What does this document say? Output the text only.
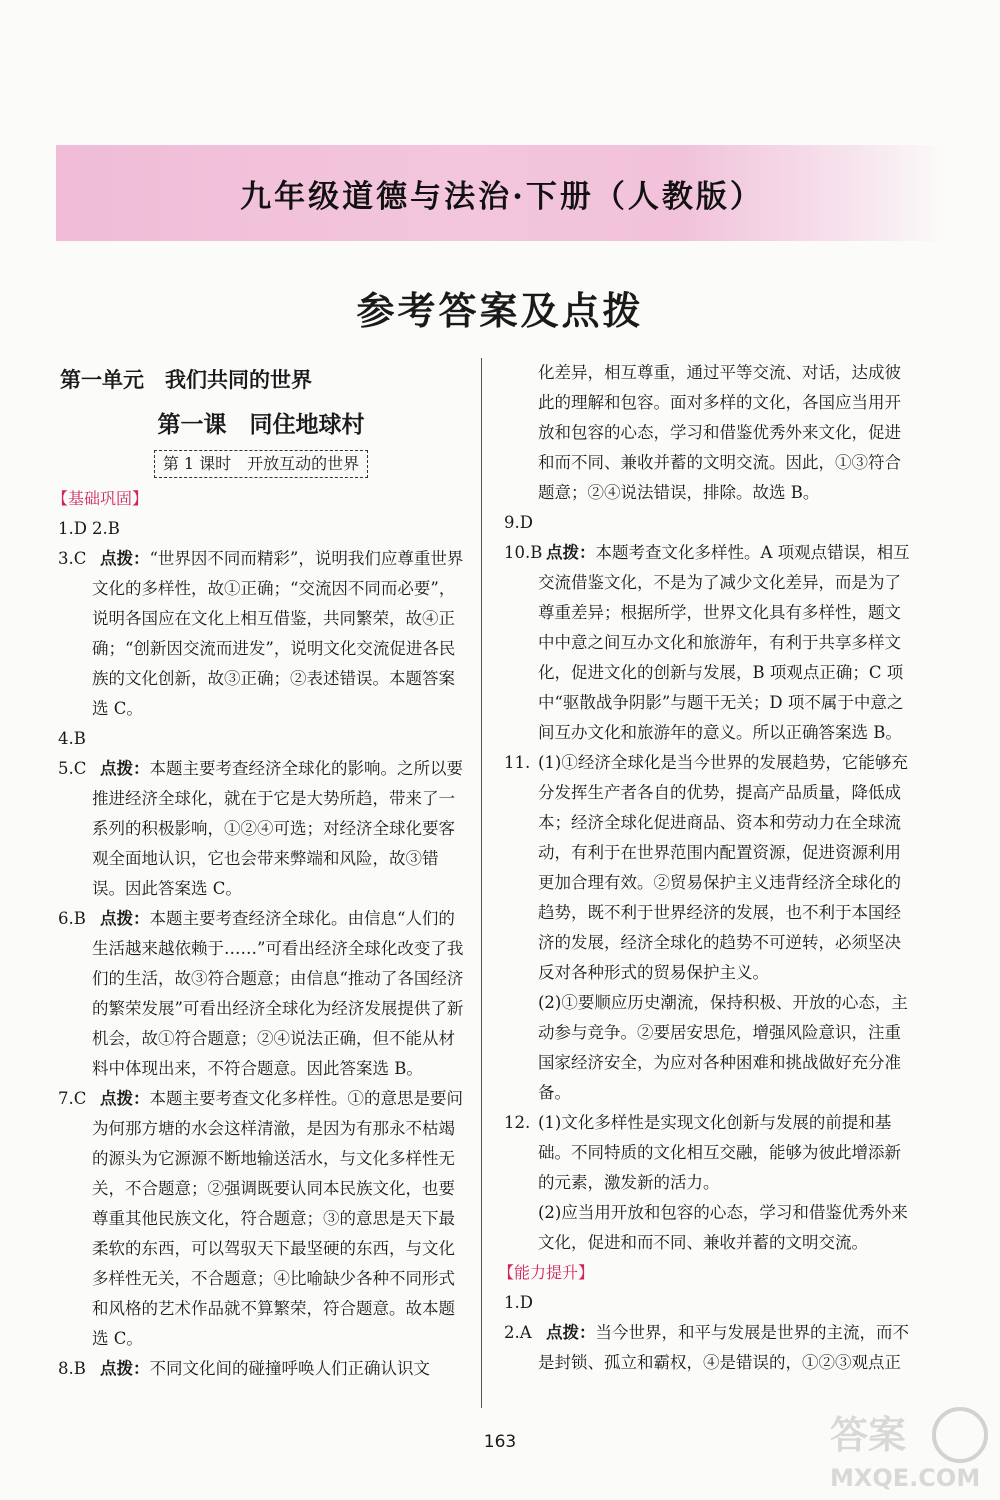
九年级道德与法治·下册（人教版）
参考答案及点拨
第一单元　我们共同的世界
第一课　同住地球村
第 1 课时　开放互动的世界
【基础巩固】
1.D 2.B
3.C 点拨：“世界因不同而精彩”，说明我们应尊重世界文化的多样性，故①正确；“交流因不同而必要”，说明各国应在文化上相互借鉴，共同繁荣，故④正确；“创新因交流而进发”，说明文化交流促进各民族的文化创新，故③正确；②表述错误。本题答案选 C。
4.B
5.C 点拨：本题主要考查经济全球化的影响。之所以要推进经济全球化，就在于它是大势所趋，带来了一系列的积极影响，①②④可选；对经济全球化要客观全面地认识，它也会带来弊端和风险，故③错误。因此答案选 C。
6.B 点拨：本题主要考查经济全球化。由信息“人们的生活越来越依赖于……”可看出经济全球化改变了我们的生活，故③符合题意；由信息“推动了各国经济的繁荣发展”可看出经济全球化为经济发展提供了新机会，故①符合题意；②④说法正确，但不能从材料中体现出来，不符合题意。因此答案选 B。
7.C 点拨：本题主要考查文化多样性。①的意思是要问为何那方塘的水会这样清澈，是因为有那永不枯竭的源头为它源源不断地输送活水，与文化多样性无关，不合题意；②强调既要认同本民族文化，也要尊重其他民族文化，符合题意；③的意思是天下最柔软的东西，可以驾驭天下最坚硬的东西，与文化多样性无关，不合题意；④比喻缺少各种不同形式和风格的艺术作品就不算繁荣，符合题意。故本题选 C。
8.B 点拨：不同文化间的碰撞呼唤人们正确认识文
化差异，相互尊重，通过平等交流、对话，达成彼此的理解和包容。面对多样的文化，各国应当用开放和包容的心态，学习和借鉴优秀外来文化，促进和而不同、兼收并蓄的文明交流。因此，①③符合题意；②④说法错误，排除。故选 B。
9.D
10.B 点拨：本题考查文化多样性。A 项观点错误，相互交流借鉴文化，不是为了减少文化差异，而是为了尊重差异；根据所学，世界文化具有多样性，题文中中意之间互办文化和旅游年，有利于共享多样文化，促进文化的创新与发展，B 项观点正确；C 项中“驱散战争阴影”与题干无关；D 项不属于中意之间互办文化和旅游年的意义。所以正确答案选 B。
11. (1)①经济全球化是当今世界的发展趋势，它能够充分发挥生产者各自的优势，提高产品质量，降低成本；经济全球化促进商品、资本和劳动力在全球流动，有利于在世界范围内配置资源，促进资源利用更加合理有效。②贸易保护主义违背经济全球化的趋势，既不利于世界经济的发展，也不利于本国经济的发展，经济全球化的趋势不可逆转，必须坚决反对各种形式的贸易保护主义。
(2)①要顺应历史潮流，保持积极、开放的心态，主动参与竞争。②要居安思危，增强风险意识，注重国家经济安全，为应对各种困难和挑战做好充分准备。
12. (1)文化多样性是实现文化创新与发展的前提和基础。不同特质的文化相互交融，能够为彼此增添新的元素，激发新的活力。
(2)应当用开放和包容的心态，学习和借鉴优秀外来文化，促进和而不同、兼收并蓄的文明交流。
【能力提升】
1.D
2.A 点拨：当今世界，和平与发展是世界的主流，而不是封锁、孤立和霸权，④是错误的，①②③观点正
163	答案
MXQE.COM
